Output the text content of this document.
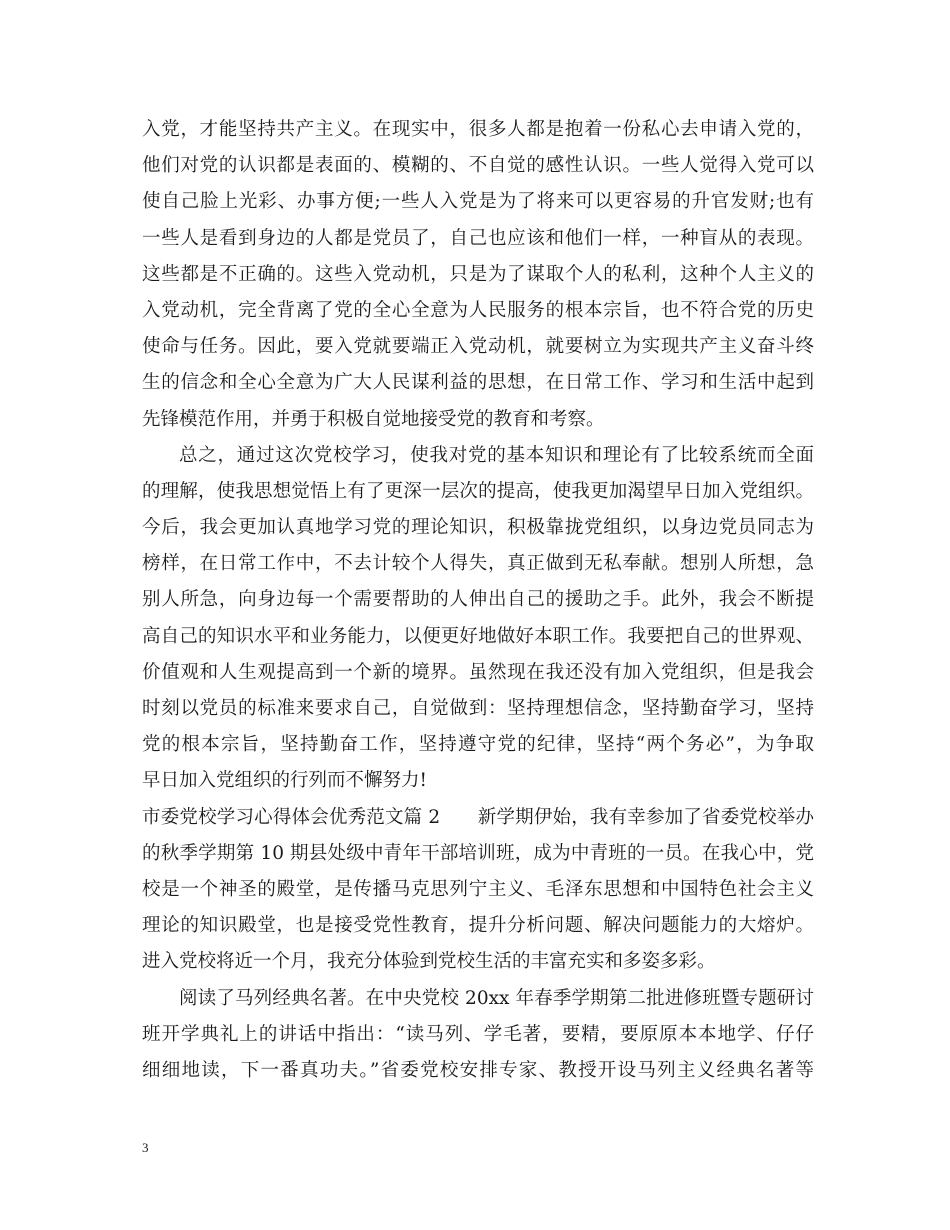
入党，才能坚持共产主义。在现实中，很多人都是抱着一份私心去申请入党的，
他们对党的认识都是表面的、模糊的、不自觉的感性认识。一些人觉得入党可以
使自己脸上光彩、办事方便;一些人入党是为了将来可以更容易的升官发财;也有
一些人是看到身边的人都是党员了，自己也应该和他们一样，一种盲从的表现。
这些都是不正确的。这些入党动机，只是为了谋取个人的私利，这种个人主义的
入党动机，完全背离了党的全心全意为人民服务的根本宗旨，也不符合党的历史
使命与任务。因此，要入党就要端正入党动机，就要树立为实现共产主义奋斗终
生的信念和全心全意为广大人民谋利益的思想，在日常工作、学习和生活中起到
先锋模范作用，并勇于积极自觉地接受党的教育和考察。
总之，通过这次党校学习，使我对党的基本知识和理论有了比较系统而全面
的理解，使我思想觉悟上有了更深一层次的提高，使我更加渴望早日加入党组织。
今后，我会更加认真地学习党的理论知识，积极靠拢党组织，以身边党员同志为
榜样，在日常工作中，不去计较个人得失，真正做到无私奉献。想别人所想，急
别人所急，向身边每一个需要帮助的人伸出自己的援助之手。此外，我会不断提
高自己的知识水平和业务能力，以便更好地做好本职工作。我要把自己的世界观、
价值观和人生观提高到一个新的境界。虽然现在我还没有加入党组织，但是我会
时刻以党员的标准来要求自己，自觉做到：坚持理想信念，坚持勤奋学习，坚持
党的根本宗旨，坚持勤奋工作，坚持遵守党的纪律，坚持“两个务必”，为争取
早日加入党组织的行列而不懈努力!
市委党校学习心得体会优秀范文篇 2　　新学期伊始，我有幸参加了省委党校举办
的秋季学期第 10 期县处级中青年干部培训班，成为中青班的一员。在我心中，党
校是一个神圣的殿堂，是传播马克思列宁主义、毛泽东思想和中国特色社会主义
理论的知识殿堂，也是接受党性教育，提升分析问题、解决问题能力的大熔炉。
进入党校将近一个月，我充分体验到党校生活的丰富充实和多姿多彩。
阅读了马列经典名著。在中央党校 20xx 年春季学期第二批进修班暨专题研讨
班开学典礼上的讲话中指出：“读马列、学毛著，要精，要原原本本地学、仔仔
细细地读，下一番真功夫。”省委党校安排专家、教授开设马列主义经典名著等
3
